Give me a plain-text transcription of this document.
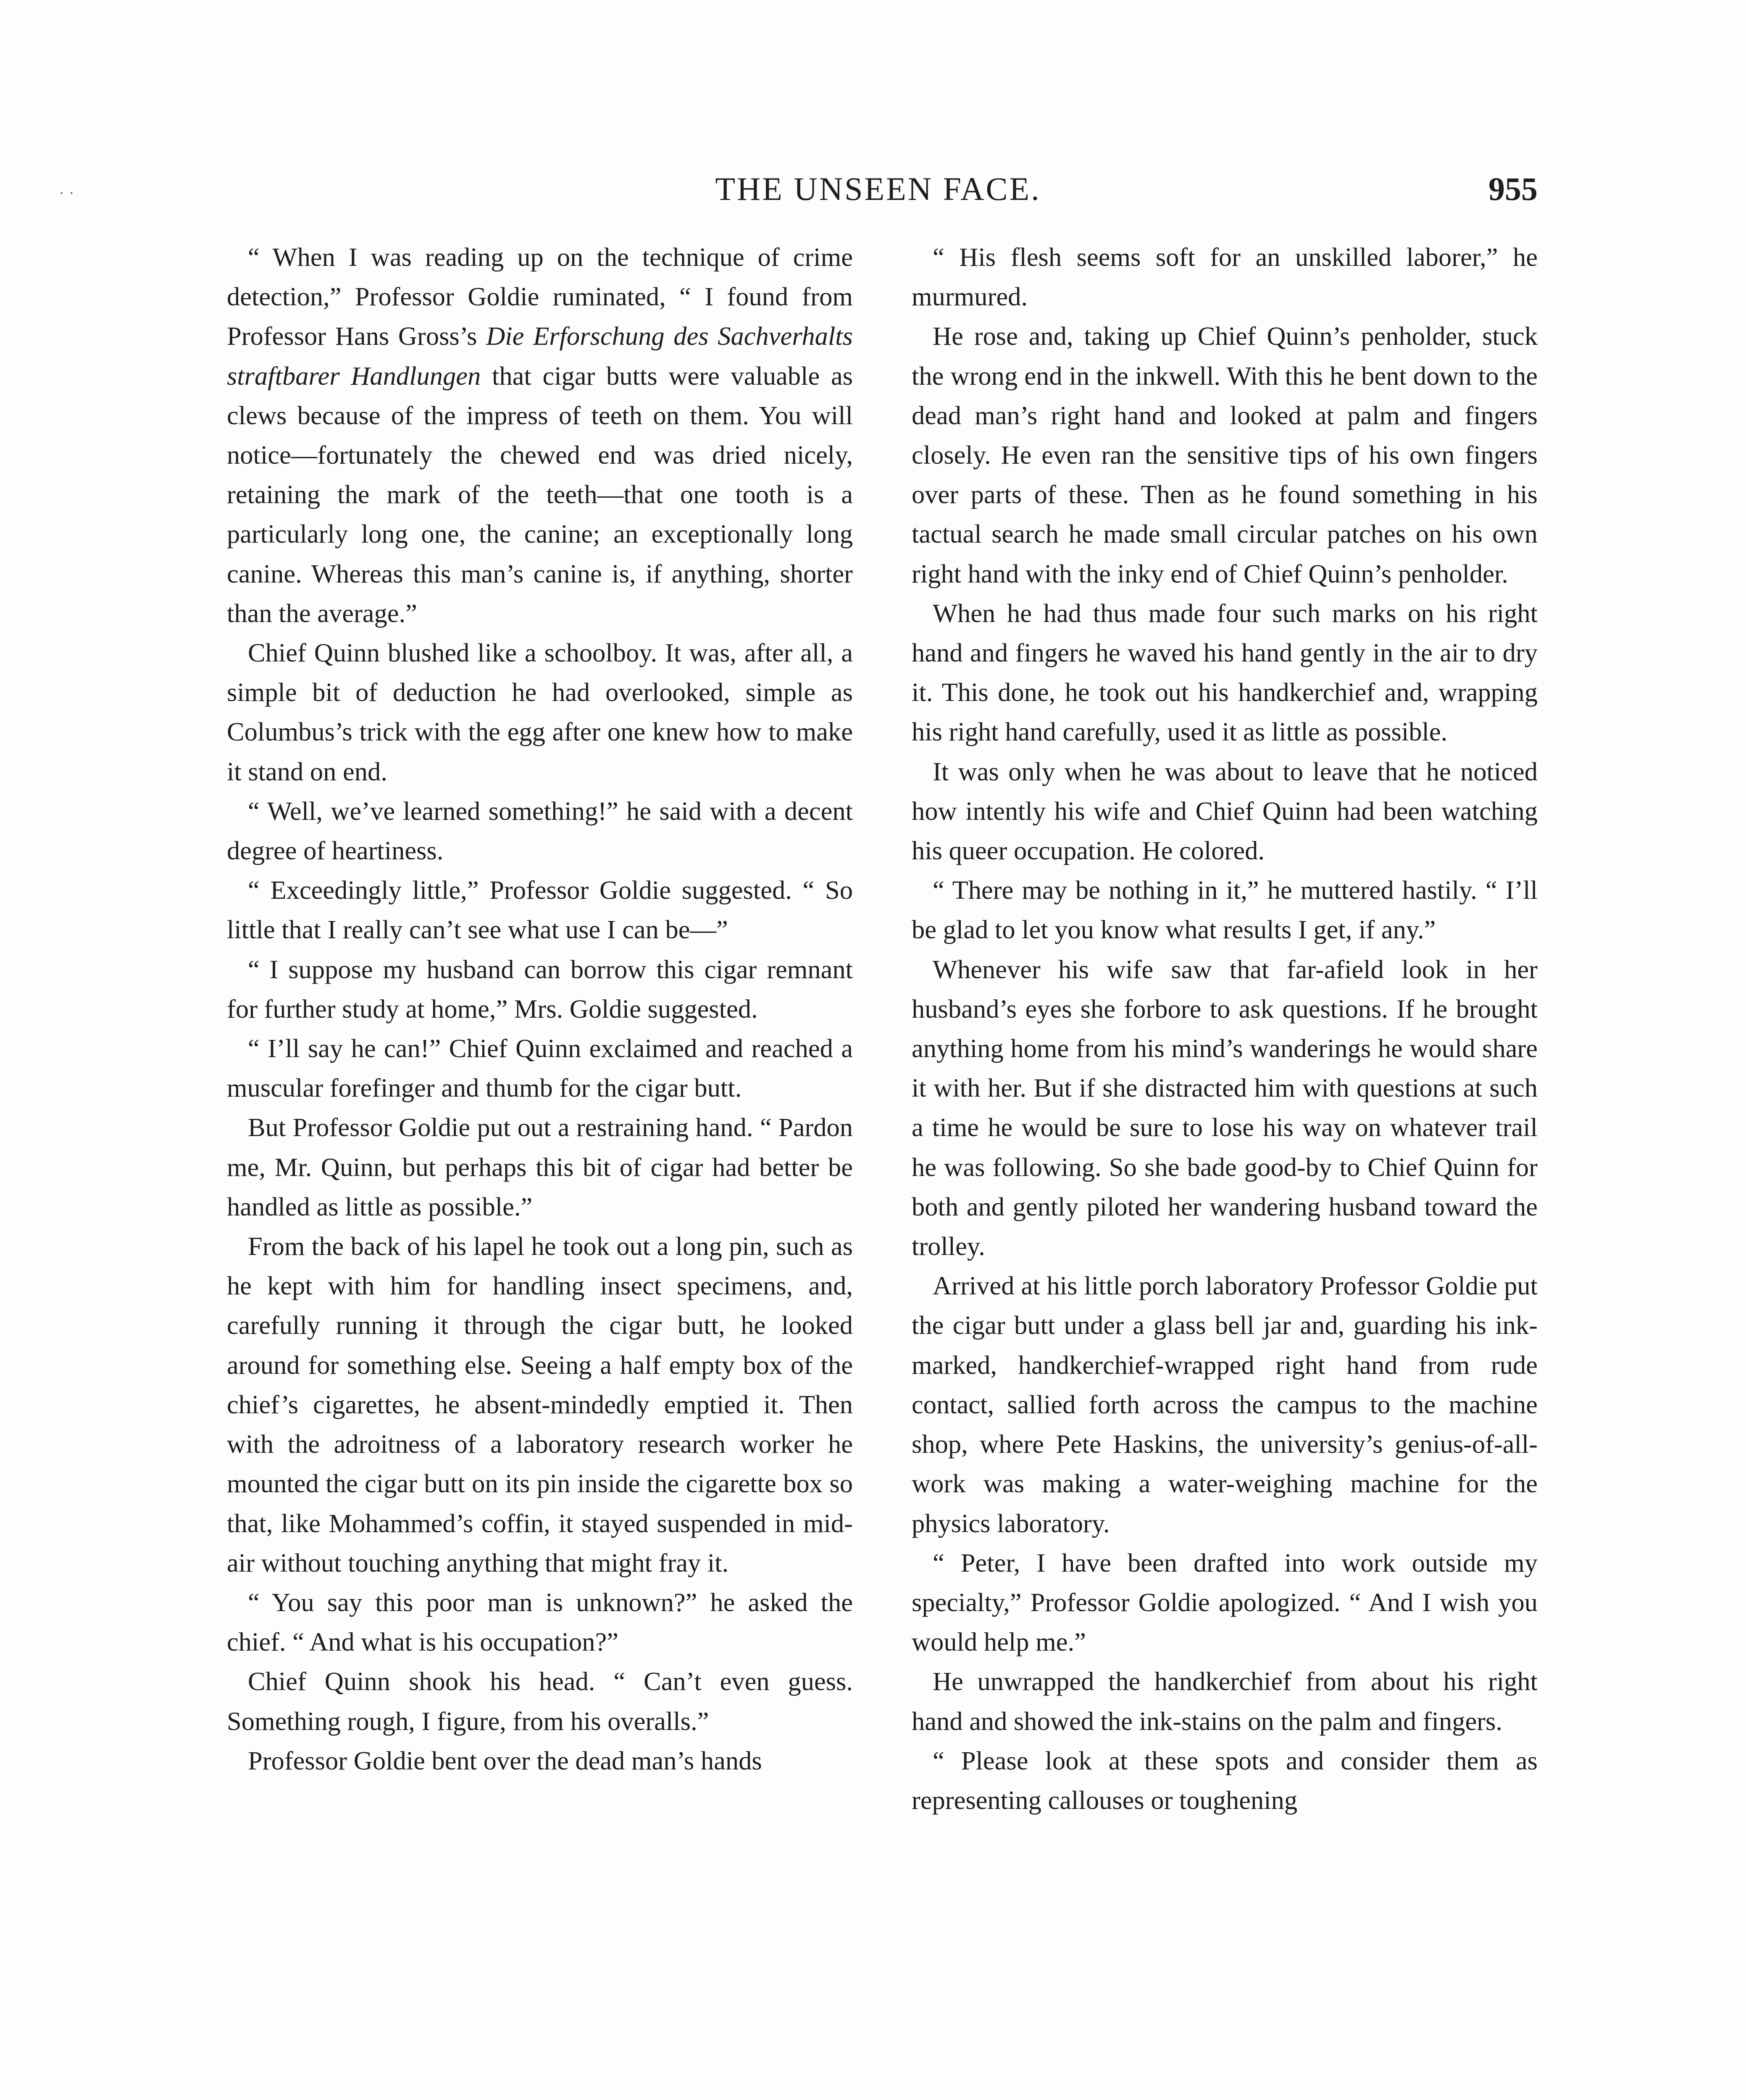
· ·	THE UNSEEN FACE.	955

“ When I was reading up on the technique of crime detection,” Professor Goldie ruminated, “ I found from Professor Hans Gross’s Die Erforschung des Sachverhalts straftbarer Handlungen that cigar butts were valuable as clews because of the impress of teeth on them. You will notice—fortunately the chewed end was dried nicely, retaining the mark of the teeth—that one tooth is a particularly long one, the canine; an exceptionally long canine. Whereas this man’s canine is, if anything, shorter than the average.”

Chief Quinn blushed like a schoolboy. It was, after all, a simple bit of deduction he had overlooked, simple as Columbus’s trick with the egg after one knew how to make it stand on end.

“ Well, we’ve learned something!” he said with a decent degree of heartiness.

“ Exceedingly little,” Professor Goldie suggested. “ So little that I really can’t see what use I can be—”

“ I suppose my husband can borrow this cigar remnant for further study at home,” Mrs. Goldie suggested.

“ I’ll say he can!” Chief Quinn exclaimed and reached a muscular forefinger and thumb for the cigar butt.

But Professor Goldie put out a restraining hand. “ Pardon me, Mr. Quinn, but perhaps this bit of cigar had better be handled as little as possible.”

From the back of his lapel he took out a long pin, such as he kept with him for handling insect specimens, and, carefully running it through the cigar butt, he looked around for something else. Seeing a half empty box of the chief’s cigarettes, he absent-mindedly emptied it. Then with the adroitness of a laboratory research worker he mounted the cigar butt on its pin inside the cigarette box so that, like Mohammed’s coffin, it stayed suspended in mid-air without touching anything that might fray it.

“ You say this poor man is unknown?” he asked the chief. “ And what is his occupation?”

Chief Quinn shook his head. “ Can’t even guess. Something rough, I figure, from his overalls.”

Professor Goldie bent over the dead man’s hands

“ His flesh seems soft for an unskilled laborer,” he murmured.

He rose and, taking up Chief Quinn’s penholder, stuck the wrong end in the inkwell. With this he bent down to the dead man’s right hand and looked at palm and fingers closely. He even ran the sensitive tips of his own fingers over parts of these. Then as he found something in his tactual search he made small circular patches on his own right hand with the inky end of Chief Quinn’s penholder.

When he had thus made four such marks on his right hand and fingers he waved his hand gently in the air to dry it. This done, he took out his handkerchief and, wrapping his right hand carefully, used it as little as possible.

It was only when he was about to leave that he noticed how intently his wife and Chief Quinn had been watching his queer occupation. He colored.

“ There may be nothing in it,” he muttered hastily. “ I’ll be glad to let you know what results I get, if any.”

Whenever his wife saw that far-afield look in her husband’s eyes she forbore to ask questions. If he brought anything home from his mind’s wanderings he would share it with her. But if she distracted him with questions at such a time he would be sure to lose his way on whatever trail he was following. So she bade good-by to Chief Quinn for both and gently piloted her wandering husband toward the trolley.

Arrived at his little porch laboratory Professor Goldie put the cigar butt under a glass bell jar and, guarding his ink-marked, handkerchief-wrapped right hand from rude contact, sallied forth across the campus to the machine shop, where Pete Haskins, the university’s genius-of-all-work was making a water-weighing machine for the physics laboratory.

“ Peter, I have been drafted into work outside my specialty,” Professor Goldie apologized. “ And I wish you would help me.”

He unwrapped the handkerchief from about his right hand and showed the ink-stains on the palm and fingers.

“ Please look at these spots and consider them as representing callouses or toughening
